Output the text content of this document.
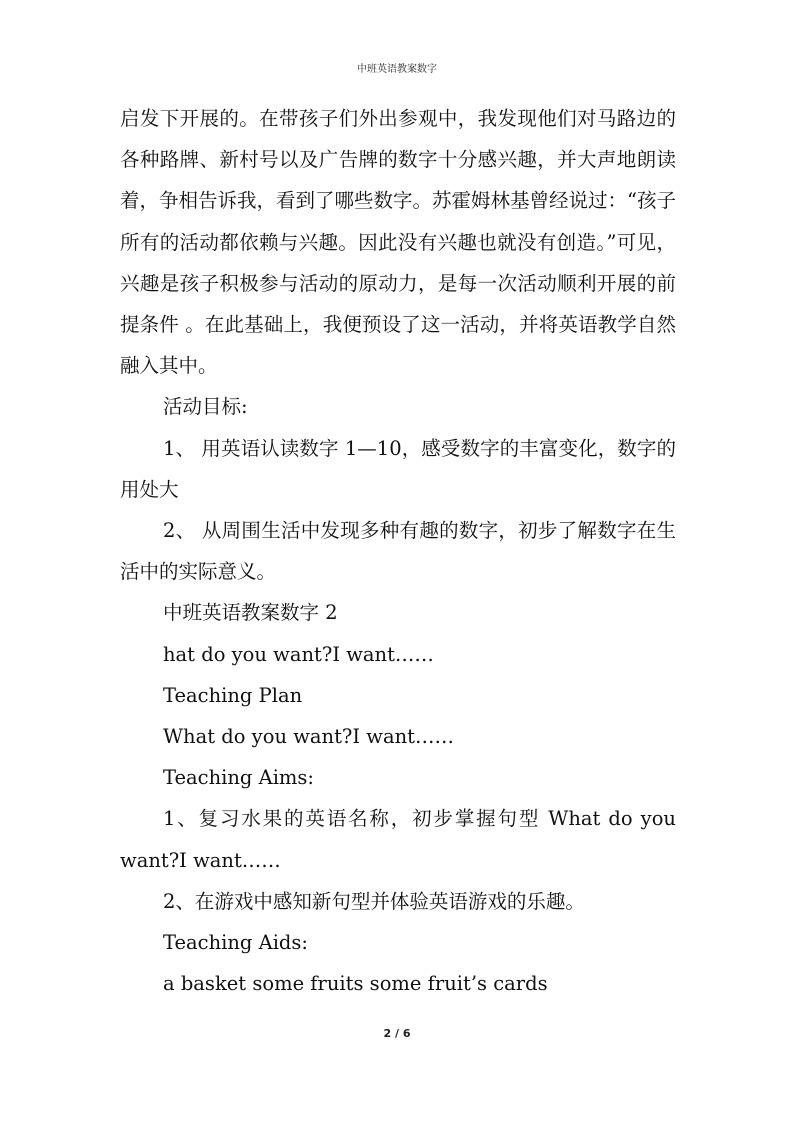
中班英语教案数字

启发下开展的。在带孩子们外出参观中，我发现他们对马路边的各种路牌、新村号以及广告牌的数字十分感兴趣，并大声地朗读着，争相告诉我，看到了哪些数字。苏霍姆林基曾经说过：“孩子所有的活动都依赖与兴趣。因此没有兴趣也就没有创造。”可见，兴趣是孩子积极参与活动的原动力，是每一次活动顺利开展的前提条件 。在此基础上，我便预设了这一活动，并将英语教学自然融入其中。

活动目标:

1、 用英语认读数字 1—10，感受数字的丰富变化，数字的用处大

2、 从周围生活中发现多种有趣的数字，初步了解数字在生活中的实际意义。

中班英语教案数字 2

hat do you want?I want……

Teaching Plan

What do you want?I want……

Teaching Aims:

1、复习水果的英语名称，初步掌握句型 What do you want?I want……

2、在游戏中感知新句型并体验英语游戏的乐趣。

Teaching Aids:

a basket some fruits some fruit’s cards

2 / 6
